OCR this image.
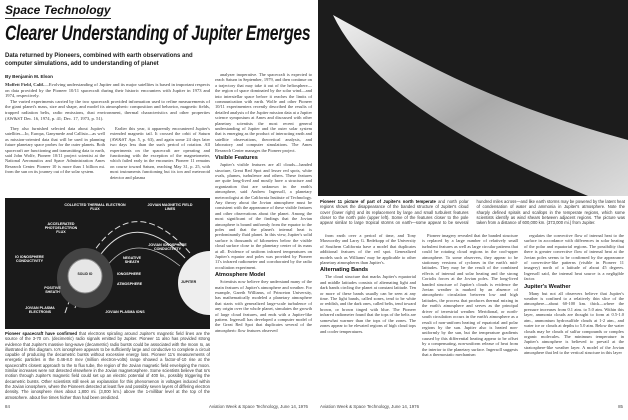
Space Technology
Clearer Understanding of Jupiter Emerges
Data returned by Pioneers, combined with earth observations and computer simulations, add to understanding of planet
By Benjamin M. Elson

Moffett Field, Calif.—Evolving understanding of Jupiter and its major satellites is based in important respects on data provided by the Pioneer 10/11 spacecraft during their historic encounters with Jupiter in 1973 and 1974, respectively.

The varied experiments carried by the two spacecraft provided information used to refine measurements of the giant planet's mass, size and shape, and model its atmospheric composition and behavior, magnetic fields, trapped radiation belts, radio emissions, dust environment, thermal characteristics and other properties (AW&ST Dec. 16, 1974, p. 41; Dec. 17, 1973, p. 51).

They also furnished selected data about Jupiter's satellites—Io, Europa, Ganymede and Callisto—as well as mission-oriented data that will be used in planning future planetary space probes for the outer planets. Both spacecraft are functioning and transmitting data to earth, said John Wolfe, Pioneer 10/11 project scientist at the National Aeronautics and Space Administration Ames Research Center. Pioneer 10 is more than 1 billion mi. from the sun on its journey out of the solar system.

Earlier this year, it apparently encountered Jupiter's extended magnetic tail. It crossed the orbit of Saturn (AW&ST Apr. 5, p. 63), and again some 24 days later two days less than the sun's period of rotation. All experiments on the spacecraft are operating and functioning with the exception of the magnetometer, which failed early in the encounter. Pioneer 11 remains on course toward Saturn, reaching May 31, p. 25, with most instruments functioning but its ion and meteoroid detector and plasma

analyzer inoperative. The spacecraft is expected to reach Saturn in September, 1979, and then continue on a trajectory that may take it out of the heliosphere—the region of space dominated by the solar wind—and into interstellar space before it reaches the limits of communication with earth. Wolfe and other Pioneer 10/11 experimenters recently described the results of detailed analysis of the Jupiter mission data at a Jupiter science symposium at Ames and discussed with other planetary scientists the most recent general understanding of Jupiter and the outer solar system that is emerging as the product of interacting earth and satellite observations, theoretical analysis, and laboratory and computer simulations. The Ames Research Center manages the Pioneer project.

Visible Features

Jupiter's visible features are all clouds—banded structure, Great Red Spot and lesser red spots, white ovals, plumes, turbulence and others. These features are quite long-lived and mostly have a structure and organization that are unknown in the earth's atmosphere, said Andrew Ingersoll, a planetary meteorologist at the California Institute of Technology. Any theory about the Jovian atmosphere must be consistent with the appearance of these visible features and other observations about the planet. Among the most significant of the findings that the Jovian atmosphere is bound uniformly from the equator to the poles and that the planet's internal heat is predominantly fluid planet. In this view, Jupiter's solid surface is thousands of kilometers below the visible cloud surface close to the planetary center of its mass at all. Evidence of uniform infrared temperatures on Jupiter's equator and poles was provided by Pioneer 11's infrared radiometer and corroborated by the radio occultation experiment.

Atmosphere Model

Scientists now believe they understand many of the main features of Jupiter's atmosphere and weather. For example, Gareth Williams, of Princeton University, has mathematically modeled a planetary atmosphere that starts with generalized large-scale turbulence of any origin over the whole planet, simulates the growth of large cloud features, and ends with a Jupiter-like pattern. Ingersoll has developed a computer model of the Great Red Spot that duplicates several of the atmospheric flow features observed

COLLECTED THERMAL ELECTRON FLUX
ACCELERATED PHOTOELECTRON FLUX
JOVIAN MAGNETIC FIELD LINES
JOVIAN IONOSPHERE CONDUCTIVITY
IO IONOSPHERE CONDUCTIVITY
NEGATIVE SHEATH
IONOSPHERE
ATMOSPHERE
POSITIVE SHEATH
JOVIAN PLASMA ELECTRONS	JOVIAN PLASMA IONS
SOLID IO
JUPITER
Pioneer spacecraft have confirmed that electrons spiraling around Jupiter's magnetic field lines are the source of the 3-70 cm. (decimetric) radio signals emitted by Jupiter. Pioneer 11 also has provided strong evidence that Jupiter's massive long-wave (decametric) radio bursts could be associated with the moon Io, as illustrated in this diagram. Io's ionosphere appears to be sufficiently large and conductive to complete a circuit capable of producing the decametric bursts without excessive energy loss. Pioneer 11's measurements of energetic particles in the 0.46-8.0 mev (million electron-volts) range showed a factor-of-10 rise at the spacecraft's closest approach to the Io flux tube, the region of the Jovian magnetic field enveloping the moon. Similar increases were not detected elsewhere in the Jovian magnetosphere. Some scientists believe that Io's motion through Jupiter's magnetic field could set up an electric potential of 400 kv., possibly triggering the decametric bursts. Other scientists still seek an explanation for this phenomenon in voltages induced within the Jovian ionosphere, where the Pioneers detected at least five and possibly seven layers of differing electron density. The ionosphere rises about 1,800 mi. (3,000 km.) above the 1-millibar level at the top of the atmosphere, about five times higher than had been predicted.
Pioneer 11 picture of part of Jupiter's north temperate and north polar regions shows the disappearance of the banded structure of Jupiter's cloud cover (lower right) and its replacement by large and small turbulent features closer to the north pole (upper left). Some of the features closer to the pole appear similar to large tropical storms on earth—some appear to be several hundred miles across—and like earth storms may be powered by the latent heat of condensation of water and ammonia in Jupiter's atmosphere. Note the sharply defined spirals and scallops in the temperate regions, which some scientists identify as wind shears between adjacent regions. The picture was taken from a distance of 600,000 km. (373,000 mi.) from Jupiter.

from earth over a period of time, and Tony Maxworthy and Larry G. Redekopp of the University of Southern California have a model that duplicates additional features of the red spot. Generalized models such as Williams' may be applicable to other planetary atmospheres than Jupiter's.

Alternating Bands

The cloud structure that marks Jupiter's equatorial and middle latitudes consists of alternating light and dark bands circling the planet at constant latitude. Ten or more of these bands usually can be seen at any time. The light bands, called zones, tend to be white or reddish, and the dark ones, called belts, tend toward brown, or brown tinged with blue. The Pioneer infrared radiometer found that the tops of the belts are somewhat warmer than the tops of the zones. The zones appear to be elevated regions of high cloud tops and cooler temperatures.

Pioneer imagery revealed that the banded structure is replaced by a large number of relatively small turbulent features as well as large circular patterns that could be rotating cloud regions in the cool-upper atmosphere. To some observers, they appear to be stationary versions of cyclones in the earth's mid-latitudes. They may be the result of the combined effects of internal and solar heating and the strong Coriolis forces at the Jovian poles. The long-lived banded structure of Jupiter's clouds is evidence the Jovian weather is marked by an absence of atmospheric circulation between low and high latitudes, the process that produces thermal mixing in the earth's atmosphere and serves as the principal driver of terrestrial weather. Meridional, or north-south circulation occurs in the earth's atmosphere as a result of non-uniform heating of equatorial and polar regions by the sun. Jupiter also is heated non-uniformly by the sun, but the temperature gradients caused by this differential heating appear to be offset by a compensating, non-uniform release of heat from the interior to the planetary surface. Ingersoll suggests that a thermostatic mechanism

regulates the convective flow of internal heat to the surface in accordance with differences in solar heating of the polar and equatorial regions. The possibility that there is greater convective flow of internal heat at the Jovian poles seems to be confirmed by the appearance of convective-like patterns (visible in Pioneer 11 imagery) north of a latitude of about 45 degrees. Ingersoll said, the internal heat source is a negligible factor.

Jupiter's Weather

Many but not all observers believe that Jupiter's weather is confined to a relatively thin slice of the atmosphere—about 60-100 km. thick—where the pressure increases from 0.1 atm. to 5.0 atm. Within this layer, ammonia clouds are thought to form at 0.5-1.0 atm., ammonium hydrosulfide clouds at 1-2 atm., and water ice or clouds at depths to 5.0 atm. Below the water clouds may be clouds of sulfur compounds or complex organic molecules. The minimum temperature in Jupiter's atmosphere is believed to prevail at the stratosphere-like weather layer. A model of the Jovian atmosphere that led to the vertical structure in this layer

84	Aviation Week & Space Technology, June 14, 1976	Aviation Week & Space Technology, June 14, 1976	85
